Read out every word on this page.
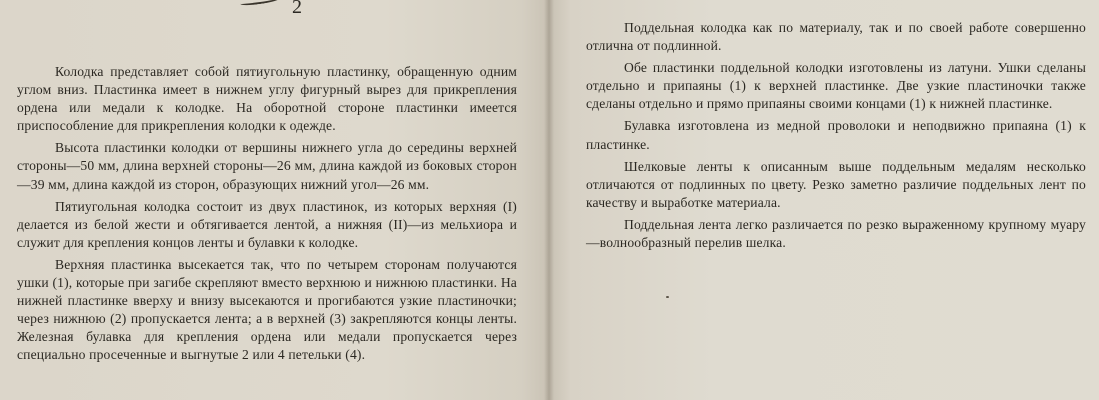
2

Колодка представляет собой пятиугольную пластинку, обращенную одним углом вниз. Пластинка имеет в нижнем углу фигурный вырез для прикрепления ордена или медали к колодке. На оборотной стороне пластинки имеется приспособление для прикрепления колодки к одежде.

Высота пластинки колодки от вершины нижнего угла до середины верхней стороны—50 мм, длина верхней стороны—26 мм, длина каждой из боковых сторон—39 мм, длина каждой из сторон, образующих нижний угол—26 мм.

Пятиугольная колодка состоит из двух пластинок, из которых верхняя (I) делается из белой жести и обтягивается лентой, а нижняя (II)—из мельхиора и служит для крепления концов ленты и булавки к колодке.

Верхняя пластинка высекается так, что по четырем сторонам получаются ушки (1), которые при загибе скрепляют вместо верхнюю и нижнюю пластинки. На нижней пластинке вверху и внизу высекаются и прогибаются узкие пластиночки; через нижнюю (2) пропускается лента; а в верхней (3) закрепляются концы ленты. Железная булавка для крепления ордена или медали пропускается через специально просеченные и выгнутые 2 или 4 петельки (4).

Поддельная колодка как по материалу, так и по своей работе совершенно отлична от подлинной.

Обе пластинки поддельной колодки изготовлены из латуни. Ушки сделаны отдельно и припаяны (1) к верхней пластинке. Две узкие пластиночки также сделаны отдельно и прямо припаяны своими концами (1) к нижней пластинке.

Булавка изготовлена из медной проволоки и неподвижно припаяна (1) к пластинке.

Шелковые ленты к описанным выше поддельным медалям несколько отличаются от подлинных по цвету. Резко заметно различие поддельных лент по качеству и выработке материала.

Поддельная лента легко различается по резко выраженному крупному муару—волнообразный перелив шелка.
